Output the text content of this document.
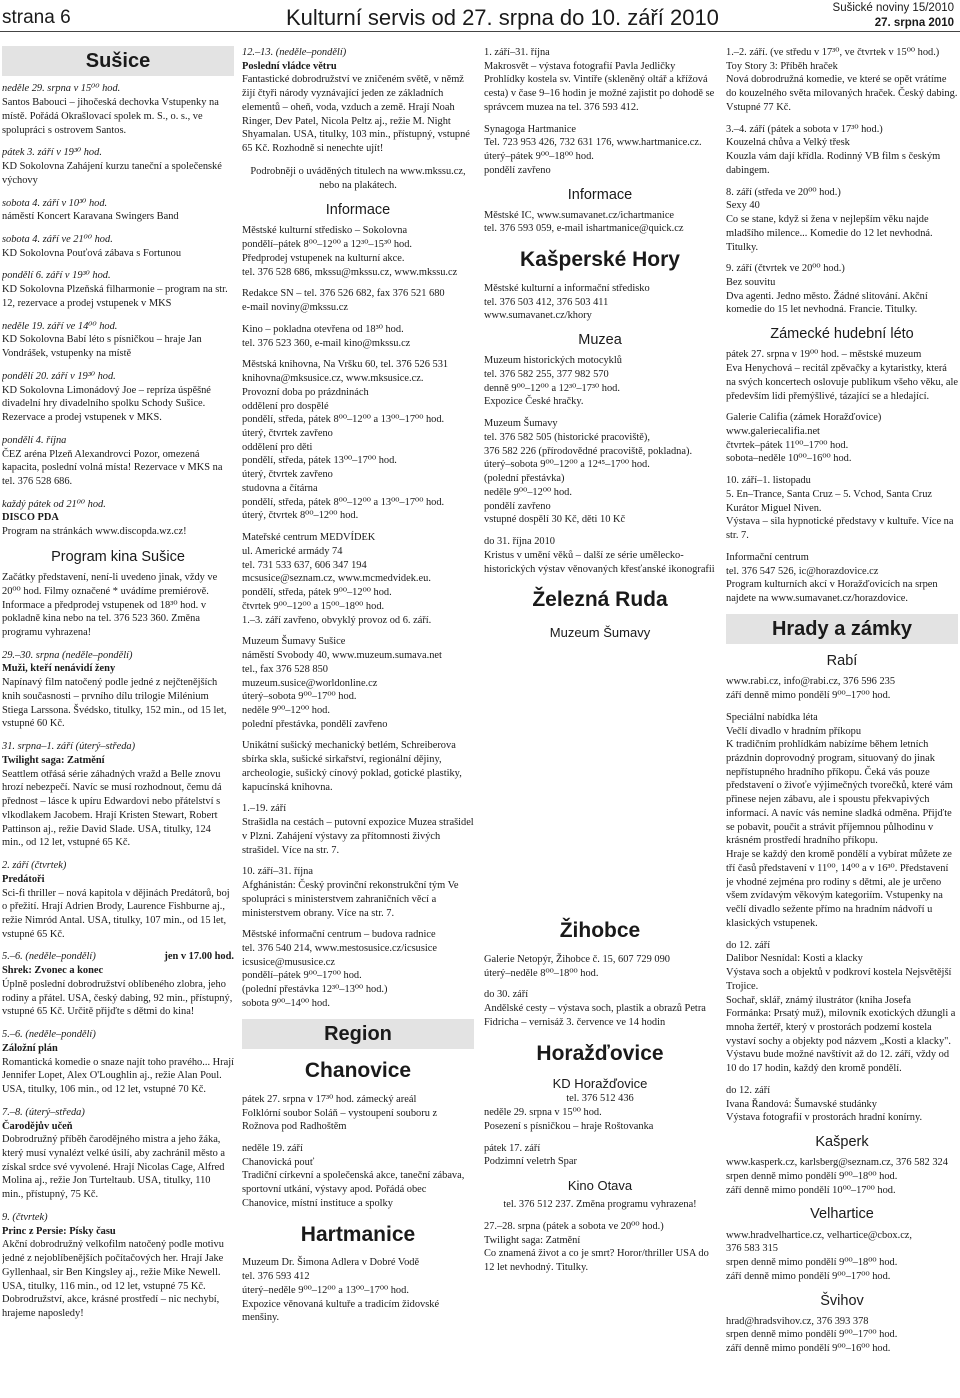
strana 6	Kulturní servis od 27. srpna do 10. září 2010	Sušické noviny 15/2010
27. srpna 2010
Sušice
neděle 29. srpna v 15⁰⁰ hod.

Santos Babouci – jihočeská dechovka Vstupenky na místě. Pořádá Okrašlovací spolek m. S., o. s., ve spolupráci s ostrovem Santos.

pátek 3. září v 19³⁰ hod.

KD Sokolovna Zahájení kurzu taneční a společenské výchovy

sobota 4. září v 10³⁰ hod.

náměstí Koncert Karavana Swingers Band

sobota 4. září ve 21⁰⁰ hod.

KD Sokolovna Pouťová zábava s Fortunou

pondělí 6. září v 19³⁰ hod.

KD Sokolovna Plzeňská filharmonie – program na str. 12, rezervace a prodej vstupenek v MKS

neděle 19. září ve 14⁰⁰ hod.

KD Sokolovna Babí léto s písničkou – hraje Jan Vondrášek, vstupenky na místě

pondělí 20. září v 19³⁰ hod.

KD Sokolovna Limonádový Joe – repríza úspěšné divadelní hry divadelního spolku Schody Sušice. Rezervace a prodej vstupenek v MKS.

pondělí 4. října

ČEZ aréna Plzeň Alexandrovci Pozor, omezená kapacita, poslední volná místa! Rezervace v MKS na tel. 376 528 686.

každý pátek od 21⁰⁰ hod.
DISCO PDA

Program na stránkách www.discopda.wz.cz!

Program kina Sušice

Začátky představení, není-li uvedeno jinak, vždy ve 20⁰⁰ hod. Filmy označené * uvádíme premiérově. Informace a předprodej vstupenek od 18³⁰ hod. v pokladně kina nebo na tel. 376 523 360. Změna programu vyhrazena!

29.–30. srpna (neděle–pondělí)
Muži, kteří nenávidí ženy

Napínavý film natočený podle jedné z nejčtenějších knih současnosti – prvního dílu trilogie Milénium Stiega Larssona. Švédsko, titulky, 152 min., od 15 let, vstupné 60 Kč.

31. srpna–1. září (úterý–středa)
Twilight saga: Zatmění

Seattlem otřásá série záhadných vražd a Belle znovu hrozí nebezpečí. Navíc se musí rozhodnout, čemu dá přednost – lásce k upíru Edwardovi nebo přátelství s vlkodlakem Jacobem. Hrají Kristen Stewart, Robert Pattinson aj., režie David Slade. USA, titulky, 124 min., od 12 let, vstupné 65 Kč.

2. září (čtvrtek)
Predátoři

Sci-fi thriller – nová kapitola v dějinách Predátorů, boj o přežití. Hrají Adrien Brody, Laurence Fishburne aj., režie Nimród Antal. USA, titulky, 107 min., od 15 let, vstupné 65 Kč.

5.–6. (neděle–pondělí)	jen v 17.00 hod.
Shrek: Zvonec a konec

Úplně poslední dobrodružství oblíbeného zlobra, jeho rodiny a přátel. USA, český dabing, 92 min., přístupný, vstupné 65 Kč. Určitě přijďte s dětmi do kina!

5.–6. (neděle–pondělí)
Záložní plán

Romantická komedie o snaze najít toho pravého... Hrají Jennifer Lopet, Alex O'Loughlin aj., režie Alan Poul. USA, titulky, 106 min., od 12 let, vstupné 70 Kč.

7.–8. (úterý–středa)
Čarodějův učeň

Dobrodružný příběh čarodějného mistra a jeho žáka, který musí vynalézt velké úsilí, aby zachránil město a získal srdce své vyvolené. Hrají Nicolas Cage, Alfred Molina aj., režie Jon Turteltaub. USA, titulky, 110 min., přístupný, 75 Kč.

9. (čtvrtek)
Princ z Persie: Písky času

Akční dobrodružný velkofilm natočený podle motivu jedné z nejoblíbenějších počítačových her. Hrají Jake Gyllenhaal, sir Ben Kingsley aj., režie Mike Newell. USA, titulky, 116 min., od 12 let, vstupné 75 Kč. Dobrodružství, akce, krásné prostředí – nic nechybí, hrajeme naposledy!

12.–13. (neděle–pondělí)
Poslední vládce větru

Fantastické dobrodružství ve zničeném světě, v němž žijí čtyři národy vyznávající jeden ze základních elementů – oheň, voda, vzduch a země. Hrají Noah Ringer, Dev Patel, Nicola Peltz aj., režie M. Night Shyamalan. USA, titulky, 103 min., přístupný, vstupné 65 Kč. Rozhodně si nenechte ujít!

Podrobněji o uváděných titulech na www.mkssu.cz, nebo na plakátech.

Informace
Městské kulturní středisko – Sokolovna
pondělí–pátek 8⁰⁰–12⁰⁰ a 12³⁰–15³⁰ hod.
Předprodej vstupenek na kulturní akce.
tel. 376 528 686, mkssu@mkssu.cz, www.mkssu.cz
Redakce SN – tel. 376 526 682, fax 376 521 680
e-mail noviny@mkssu.cz
Kino – pokladna otevřena od 18³⁰ hod.
tel. 376 523 360, e-mail kino@mkssu.cz
Městská knihovna, Na Vršku 60, tel. 376 526 531
knihovna@mksusice.cz, www.mksusice.cz.
Provozní doba po prázdninách
oddělení pro dospělé
pondělí, středa, pátek 8⁰⁰–12⁰⁰ a 13⁰⁰–17⁰⁰ hod.
úterý, čtvrtek zavřeno
oddělení pro děti
pondělí, středa, pátek 13⁰⁰–17⁰⁰ hod.
úterý, čtvrtek zavřeno
studovna a čítárna
pondělí, středa, pátek 8⁰⁰–12⁰⁰ a 13⁰⁰–17⁰⁰ hod.
úterý, čtvrtek 8⁰⁰–12⁰⁰ hod.
Mateřské centrum MEDVÍDEK
ul. Americké armády 74
tel. 731 533 637, 606 347 194
mcsusice@seznam.cz, www.mcmedvidek.eu.
pondělí, středa, pátek 9⁰⁰–12⁰⁰ hod.
čtvrtek 9⁰⁰–12⁰⁰ a 15⁰⁰–18⁰⁰ hod.
1.–3. září zavřeno, obvyklý provoz od 6. září.
Muzeum Šumavy Sušice
náměstí Svobody 40, www.muzeum.sumava.net
tel., fax 376 528 850
muzeum.susice@worldonline.cz
úterý–sobota 9⁰⁰–17⁰⁰ hod.
neděle 9⁰⁰–12⁰⁰ hod.
polední přestávka, pondělí zavřeno
Unikátní sušický mechanický betlém, Schreiberova sbírka skla, sušické sirkařství, regionální dějiny, archeologie, sušický cínový poklad, gotické plastiky, kapucínská knihovna.
1.–19. září
Strašidla na cestách – putovní expozice Muzea strašidel v Plzni. Zahájení výstavy za přítomnosti živých strašidel. Více na str. 7.
10. září–31. října
Afghánistán: Český provinční rekonstrukční tým Ve spolupráci s ministerstvem zahraničních věcí a ministerstvem obrany. Více na str. 7.
Městské informační centrum – budova radnice
tel. 376 540 214, www.mestosusice.cz/icsusice
icsusice@mususice.cz
pondělí–pátek 9⁰⁰–17⁰⁰ hod.
(polední přestávka 12³⁰–13⁰⁰ hod.)
sobota 9⁰⁰–14⁰⁰ hod.
Region
Chanovice
pátek 27. srpna v 17³⁰ hod. zámecký areál
Folklórní soubor Soláň – vystoupení souboru z Rožnova pod Radhoštěm
neděle 19. září
Chanovická pouť
Tradiční církevní a společenská akce, taneční zábava, sportovní utkání, výstavy apod. Pořádá obec Chanovice, místní instituce a spolky
Hartmanice
Muzeum Dr. Šimona Adlera v Dobré Vodě
tel. 376 593 412
úterý–neděle 9⁰⁰–12⁰⁰ a 13⁰⁰–17⁰⁰ hod.
Expozice věnovaná kultuře a tradicím židovské menšiny.
1. září–31. října
Makrosvět – výstava fotografií Pavla Jedličky
Prohlídky kostela sv. Vintíře (skleněný oltář a křížová cesta) v čase 9–16 hodin je možné zajistit po dohodě se správcem muzea na tel. 376 593 412.
Synagoga Hartmanice
Tel. 723 953 426, 732 631 176, www.hartmanice.cz.
úterý–pátek 9⁰⁰–18⁰⁰ hod.
pondělí zavřeno
Informace
Městské IC, www.sumavanet.cz/ichartmanice
tel. 376 593 059, e-mail ishartmanice@quick.cz
Kašperské Hory
Městské kulturní a informační středisko
tel. 376 503 412, 376 503 411
www.sumavanet.cz/khory
Muzea
Muzeum historických motocyklů
tel. 376 582 255, 377 982 570
denně 9⁰⁰–12⁰⁰ a 12³⁰–17³⁰ hod.
Expozice České hračky.
Muzeum Šumavy
tel. 376 582 505 (historické pracoviště),
376 582 226 (přírodovědné pracoviště, pokladna).
úterý–sobota 9⁰⁰–12⁰⁰ a 12⁴⁵–17⁰⁰ hod.
(polední přestávka)
neděle 9⁰⁰–12⁰⁰ hod.
pondělí zavřeno
vstupné dospělí 30 Kč, děti 10 Kč
do 31. října 2010
Kristus v umění věků – další ze série umělecko-historických výstav věnovaných křesťanské ikonografii
Železná Ruda
Muzeum Šumavy
Žihobce
Galerie Netopýr, Žihobce č. 15, 607 729 090
úterý–neděle 8⁰⁰–18⁰⁰ hod.
do 30. září
Andělské cesty – výstava soch, plastik a obrazů Petra Fidricha – vernisáž 3. července ve 14 hodin
Horažďovice
KD Horažďovice
tel. 376 512 436
neděle 29. srpna v 15⁰⁰ hod.
Posezení s písničkou – hraje Roštovanka
pátek 17. září
Podzimní veletrh Spar
Kino Otava
tel. 376 512 237. Změna programu vyhrazena!
27.–28. srpna (pátek a sobota ve 20⁰⁰ hod.)
Twilight saga: Zatmění
Co znamená život a co je smrt? Horor/thriller USA do 12 let nevhodný. Titulky.
1.–2. září. (ve středu v 17³⁰, ve čtvrtek v 15⁰⁰ hod.)
Toy Story 3: Příběh hraček
Nová dobrodružná komedie, ve které se opět vrátíme do kouzelného světa milovaných hraček. Český dabing. Vstupné 77 Kč.
3.–4. září (pátek a sobota v 17³⁰ hod.)
Kouzelná chůva a Velký třesk
Kouzla vám dají křídla. Rodinný VB film s českým dabingem.
8. září (středa ve 20⁰⁰ hod.)
Sexy 40
Co se stane, když si žena v nejlepším věku najde mladšího milence... Komedie do 12 let nevhodná. Titulky.
9. září (čtvrtek ve 20⁰⁰ hod.)
Bez souvitu
Dva agenti. Jedno město. Žádné slitování. Akční komedie do 15 let nevhodná. Francie. Titulky.
Zámecké hudební léto
pátek 27. srpna v 19⁰⁰ hod. – městské muzeum
Eva Henychová – recitál zpěvačky a kytaristky, která na svých koncertech oslovuje publikum všeho věku, ale především lidi přemýšlivé, tázající se a hledající.
Galerie Califia (zámek Horažďovice)
www.galeriecalifia.net
čtvrtek–pátek 11⁰⁰–17⁰⁰ hod.
sobota–neděle 10⁰⁰–16⁰⁰ hod.
10. září–1. listopadu
5. En–Trance, Santa Cruz – 5. Vchod, Santa Cruz
Kurátor Miguel Niven.
Výstava – sila hypnotické představy v kultuře. Více na str. 7.
Informační centrum
tel. 376 547 526, ic@horazdovice.cz
Program kulturních akcí v Horažďovicích na srpen najdete na www.sumavanet.cz/horazdovice.
Hrady a zámky
Rabí
www.rabi.cz, info@rabi.cz, 376 596 235
září denně mimo pondělí 9⁰⁰–17⁰⁰ hod.
Speciální nabídka léta
Večlí divadlo v hradním příkopu
K tradičním prohlídkám nabízíme během letních prázdnin doprovodný program, situovaný do jinak nepřístupného hradního příkopu. Čeká vás pouze představení o živoťe výjimečných tvorečků, které vám přinese nejen zábavu, ale i spoustu překvapivých informací. A navíc vás nemine sladká odměna. Přijďte se pobavit, poučit a strávit příjemnou půlhodinu v krásném prostředí hradního příkopu.
Hraje se každý den kromě pondělí a vybírat můžete ze tří časů představení v 11⁰⁰, 14⁰⁰ a v 16³⁰. Představení je vhodné zejména pro rodiny s dětmi, ale je určeno všem zvídavým věkovým kategoriím. Vstupenky na večlí divadlo sežente přímo na hradním nádvoří u klasických vstupenek.
do 12. září
Dalibor Nesnídal: Kosti a klacky
Výstava soch a objektů v podkroví kostela Nejsvětější Trojice.
Sochař, sklář, známý ilustrátor (kniha Josefa Formánka: Prsatý muž), milovník exotických džungli a mnoha žertéř, který v prostorách podzemí kostela vystaví sochy a objekty pod názvem „Kosti a klacky". Výstavu bude možné navštívit až do 12. září, vždy od 10 do 17 hodin, každý den kromě pondělí.
do 12. září
Ivana Řandová: Šumavské studánky
Výstava fotografií v prostorách hradní konírny.
Kašperk
www.kasperk.cz, karlsberg@seznam.cz, 376 582 324
srpen denně mimo pondělí 9⁰⁰–18⁰⁰ hod.
září denně mimo pondělí 10⁰⁰–17⁰⁰ hod.
Velhartice
www.hradvelhartice.cz, velhartice@cbox.cz,
376 583 315
srpen denně mimo pondělí 9⁰⁰–18⁰⁰ hod.
září denně mimo pondělí 9⁰⁰–17⁰⁰ hod.
Švihov
hrad@hradsvihov.cz, 376 393 378
srpen denně mimo pondělí 9⁰⁰–17⁰⁰ hod.
září denně mimo pondělí 9⁰⁰–16⁰⁰ hod.
